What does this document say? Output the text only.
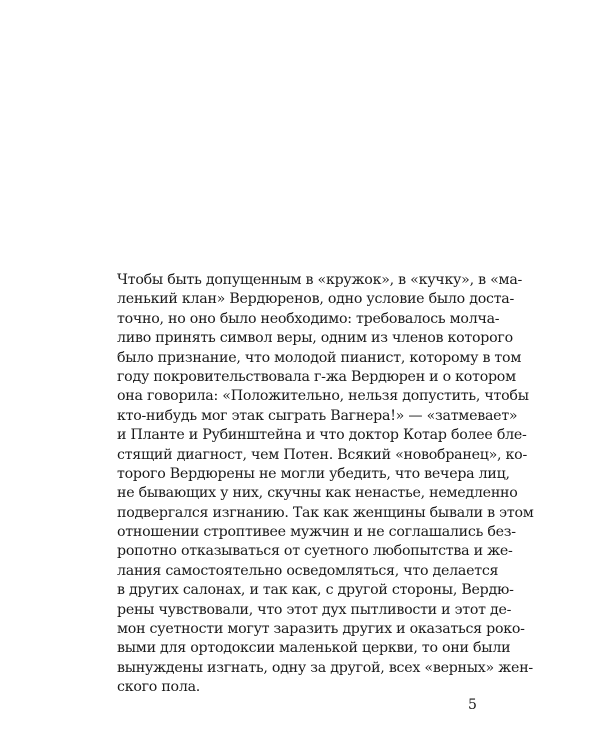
Чтобы быть допущенным в «кружок», в «кучку», в «ма-
ленький клан» Вердюренов, одно условие было доста-
точно, но оно было необходимо: требовалось молча-
ливо принять символ веры, одним из членов которого
было признание, что молодой пианист, которому в том
году покровительствовала г-жа Вердюрен и о котором
она говорила: «Положительно, нельзя допустить, чтобы
кто-нибудь мог этак сыграть Вагнера!» — «затмевает»
и Планте и Рубинштейна и что доктор Котар более бле-
стящий диагност, чем Потен. Всякий «новобранец», ко-
торого Вердюрены не могли убедить, что вечера лиц,
не бывающих у них, скучны как ненастье, немедленно
подвергался изгнанию. Так как женщины бывали в этом
отношении строптивее мужчин и не соглашались без-
ропотно отказываться от суетного любопытства и же-
лания самостоятельно осведомляться, что делается
в других салонах, и так как, с другой стороны, Вердю-
рены чувствовали, что этот дух пытливости и этот де-
мон суетности могут заразить других и оказаться роко-
выми для ортодоксии маленькой церкви, то они были
вынуждены изгнать, одну за другой, всех «верных» жен-
ского пола.
5
